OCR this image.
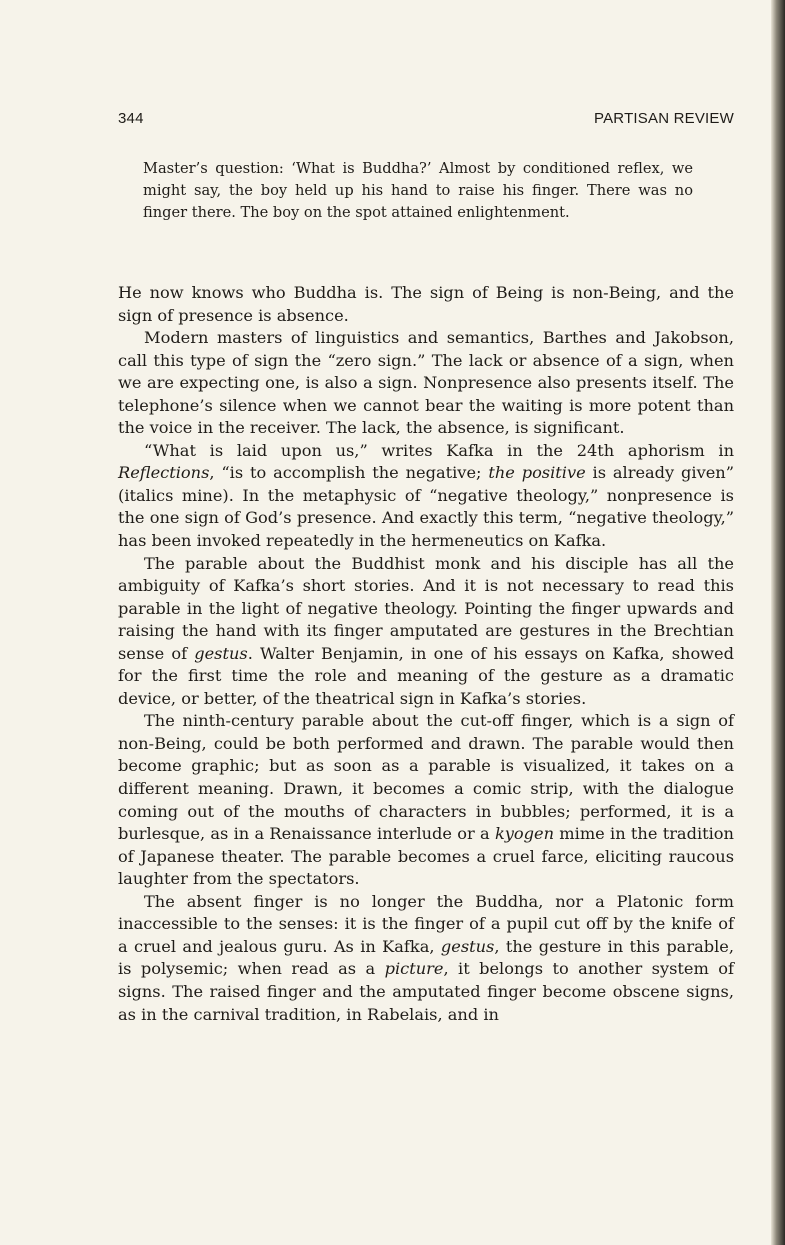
344	PARTISAN REVIEW

Master’s question: ‘What is Buddha?’ Almost by conditioned reflex, we might say, the boy held up his hand to raise his finger. There was no finger there. The boy on the spot attained enlightenment.

He now knows who Buddha is. The sign of Being is non-Being, and the sign of presence is absence.

Modern masters of linguistics and semantics, Barthes and Jakobson, call this type of sign the “zero sign.” The lack or absence of a sign, when we are expecting one, is also a sign. Nonpresence also presents itself. The telephone’s silence when we cannot bear the waiting is more potent than the voice in the receiver. The lack, the absence, is significant.

“What is laid upon us,” writes Kafka in the 24th aphorism in Reflections, “is to accomplish the negative; the positive is already given” (italics mine). In the metaphysic of “negative theology,” nonpresence is the one sign of God’s presence. And exactly this term, “negative theology,” has been invoked repeatedly in the hermeneutics on Kafka.

The parable about the Buddhist monk and his disciple has all the ambiguity of Kafka’s short stories. And it is not necessary to read this parable in the light of negative theology. Pointing the finger upwards and raising the hand with its finger amputated are gestures in the Brechtian sense of gestus. Walter Benjamin, in one of his essays on Kafka, showed for the first time the role and meaning of the gesture as a dramatic device, or better, of the theatrical sign in Kafka’s stories.

The ninth-century parable about the cut-off finger, which is a sign of non-Being, could be both performed and drawn. The parable would then become graphic; but as soon as a parable is visualized, it takes on a different meaning. Drawn, it becomes a comic strip, with the dialogue coming out of the mouths of characters in bubbles; performed, it is a burlesque, as in a Renaissance interlude or a kyogen mime in the tradition of Japanese theater. The parable becomes a cruel farce, eliciting raucous laughter from the spectators.

The absent finger is no longer the Buddha, nor a Platonic form inaccessible to the senses: it is the finger of a pupil cut off by the knife of a cruel and jealous guru. As in Kafka, gestus, the gesture in this parable, is polysemic; when read as a picture, it belongs to another system of signs. The raised finger and the amputated finger become obscene signs, as in the carnival tradition, in Rabelais, and in
